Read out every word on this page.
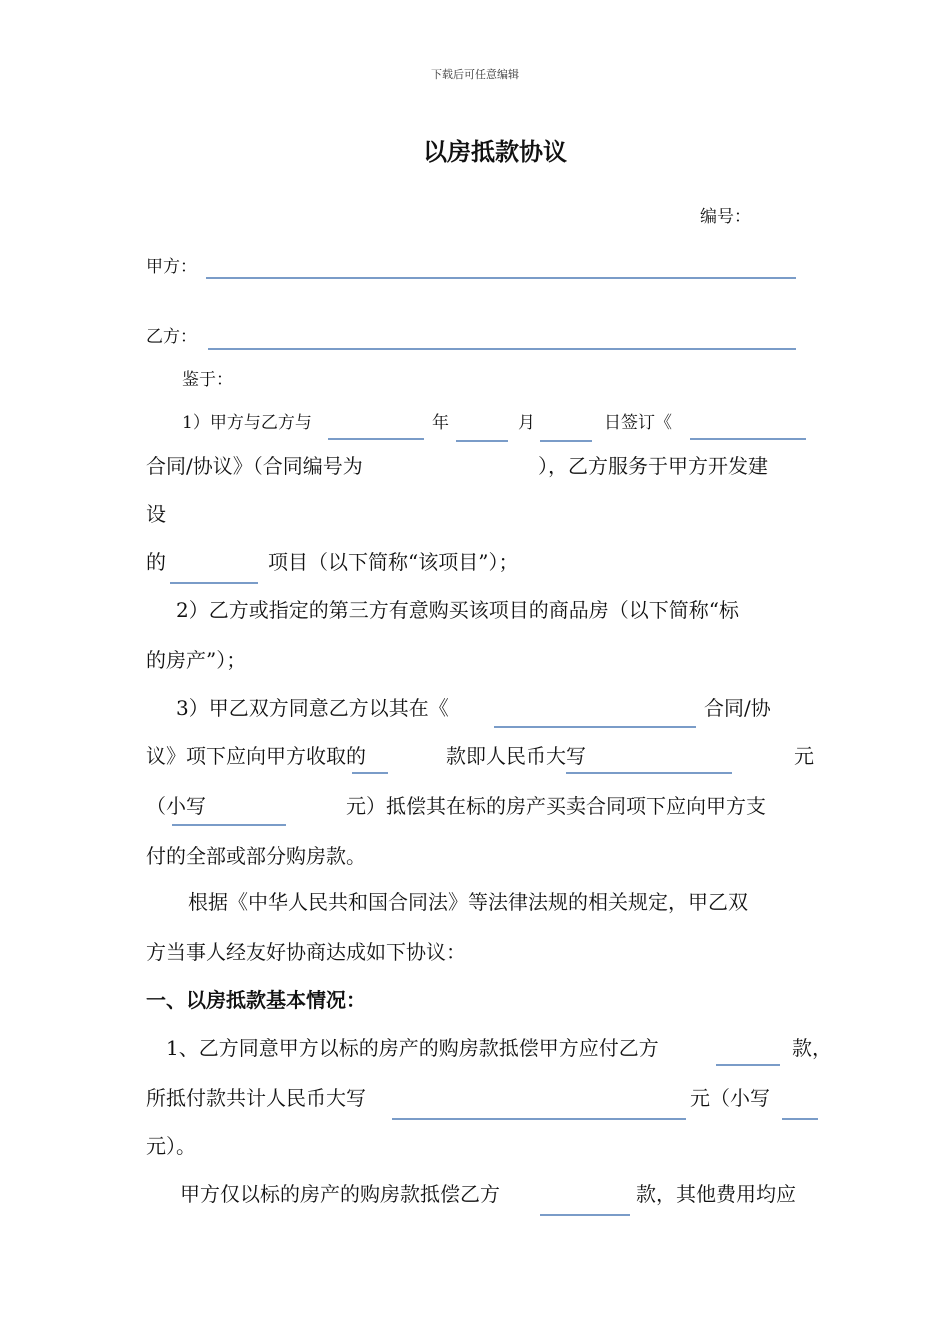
下载后可任意编辑
以房抵款协议
编号：
甲方：
乙方：
鉴于：
1）甲方与乙方与	年	月	日签订《
合同/协议》（合同编号为	），乙方服务于甲方开发建
设
的	项目（以下简称“该项目”）；
2）乙方或指定的第三方有意购买该项目的商品房（以下简称“标
的房产”）；
3）甲乙双方同意乙方以其在《	合同/协
议》项下应向甲方收取的	款即人民币大写	元
（小写	元）抵偿其在标的房产买卖合同项下应向甲方支
付的全部或部分购房款。
根据《中华人民共和国合同法》等法律法规的相关规定，甲乙双
方当事人经友好协商达成如下协议：
一、以房抵款基本情况：
1、乙方同意甲方以标的房产的购房款抵偿甲方应付乙方	款，
所抵付款共计人民币大写	元（小写
元）。
甲方仅以标的房产的购房款抵偿乙方	款，其他费用均应
